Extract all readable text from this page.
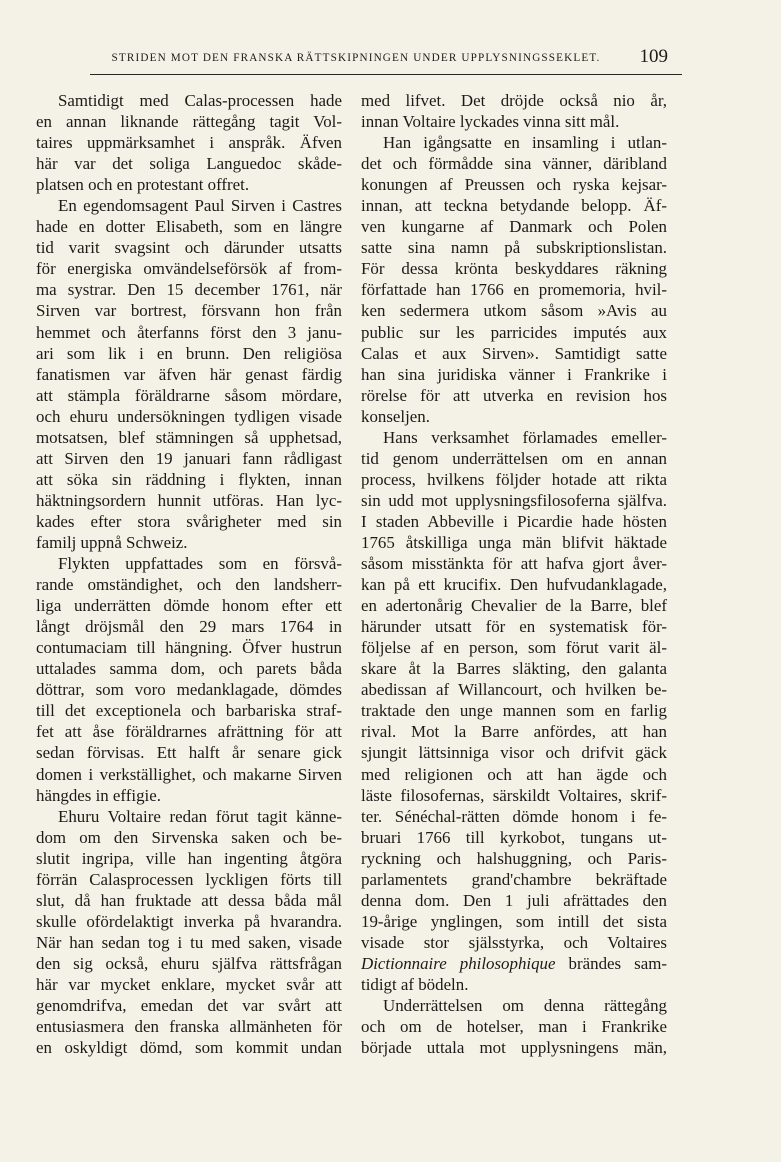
STRIDEN MOT DEN FRANSKA RÄTTSKIPNINGEN UNDER UPPLYSNINGSSEKLET.	109
Samtidigt med Calas-processen hade
en annan liknande rättegång tagit Vol-
taires uppmärksamhet i anspråk. Äfven
här var det soliga Languedoc skåde-
platsen och en protestant offret.
En egendomsagent Paul Sirven i Castres
hade en dotter Elisabeth, som en längre
tid varit svagsint och därunder utsatts
för energiska omvändelseförsök af from-
ma systrar. Den 15 december 1761, när
Sirven var bortrest, försvann hon från
hemmet och återfanns först den 3 janu-
ari som lik i en brunn. Den religiösa
fanatismen var äfven här genast färdig
att stämpla föräldrarne såsom mördare,
och ehuru undersökningen tydligen visade
motsatsen, blef stämningen så upphetsad,
att Sirven den 19 januari fann rådligast
att söka sin räddning i flykten, innan
häktningsordern hunnit utföras. Han lyc-
kades efter stora svårigheter med sin
familj uppnå Schweiz.
Flykten uppfattades som en försvå-
rande omständighet, och den landsherr-
liga underrätten dömde honom efter ett
långt dröjsmål den 29 mars 1764 in
contumaciam till hängning. Öfver hustrun
uttalades samma dom, och parets båda
döttrar, som voro medanklagade, dömdes
till det exceptionela och barbariska straf-
fet att åse föräldrarnes afrättning för att
sedan förvisas. Ett halft år senare gick
domen i verkställighet, och makarne Sirven
hängdes in effigie.
Ehuru Voltaire redan förut tagit känne-
dom om den Sirvenska saken och be-
slutit ingripa, ville han ingenting åtgöra
förrän Calasprocessen lyckligen förts till
slut, då han fruktade att dessa båda mål
skulle ofördelaktigt inverka på hvarandra.
När han sedan tog i tu med saken, visade
den sig också, ehuru själfva rättsfrågan
här var mycket enklare, mycket svår att
genomdrifva, emedan det var svårt att
entusiasmera den franska allmänheten för
en oskyldigt dömd, som kommit undan
med lifvet. Det dröjde också nio år,
innan Voltaire lyckades vinna sitt mål.
Han igångsatte en insamling i utlan-
det och förmådde sina vänner, däribland
konungen af Preussen och ryska kejsar-
innan, att teckna betydande belopp. Äf-
ven kungarne af Danmark och Polen
satte sina namn på subskriptionslistan.
För dessa krönta beskyddares räkning
författade han 1766 en promemoria, hvil-
ken sedermera utkom såsom »Avis au
public sur les parricides imputés aux
Calas et aux Sirven». Samtidigt satte
han sina juridiska vänner i Frankrike i
rörelse för att utverka en revision hos
konseljen.
Hans verksamhet förlamades emeller-
tid genom underrättelsen om en annan
process, hvilkens följder hotade att rikta
sin udd mot upplysningsfilosoferna själfva.
I staden Abbeville i Picardie hade hösten
1765 åtskilliga unga män blifvit häktade
såsom misstänkta för att hafva gjort åver-
kan på ett krucifix. Den hufvudanklagade,
en adertonårig Chevalier de la Barre, blef
härunder utsatt för en systematisk för-
följelse af en person, som förut varit äl-
skare åt la Barres släkting, den galanta
abedissan af Willancourt, och hvilken be-
traktade den unge mannen som en farlig
rival. Mot la Barre anfördes, att han
sjungit lättsinniga visor och drifvit gäck
med religionen och att han ägde och
läste filosofernas, särskildt Voltaires, skrif-
ter. Sénéchal-rätten dömde honom i fe-
bruari 1766 till kyrkobot, tungans ut-
ryckning och halshuggning, och Paris-
parlamentets grand'chambre bekräftade
denna dom. Den 1 juli afrättades den
19-årige ynglingen, som intill det sista
visade stor själsstyrka, och Voltaires
Dictionnaire philosophique brändes sam-
tidigt af bödeln.
Underrättelsen om denna rättegång
och om de hotelser, man i Frankrike
började uttala mot upplysningens män,
